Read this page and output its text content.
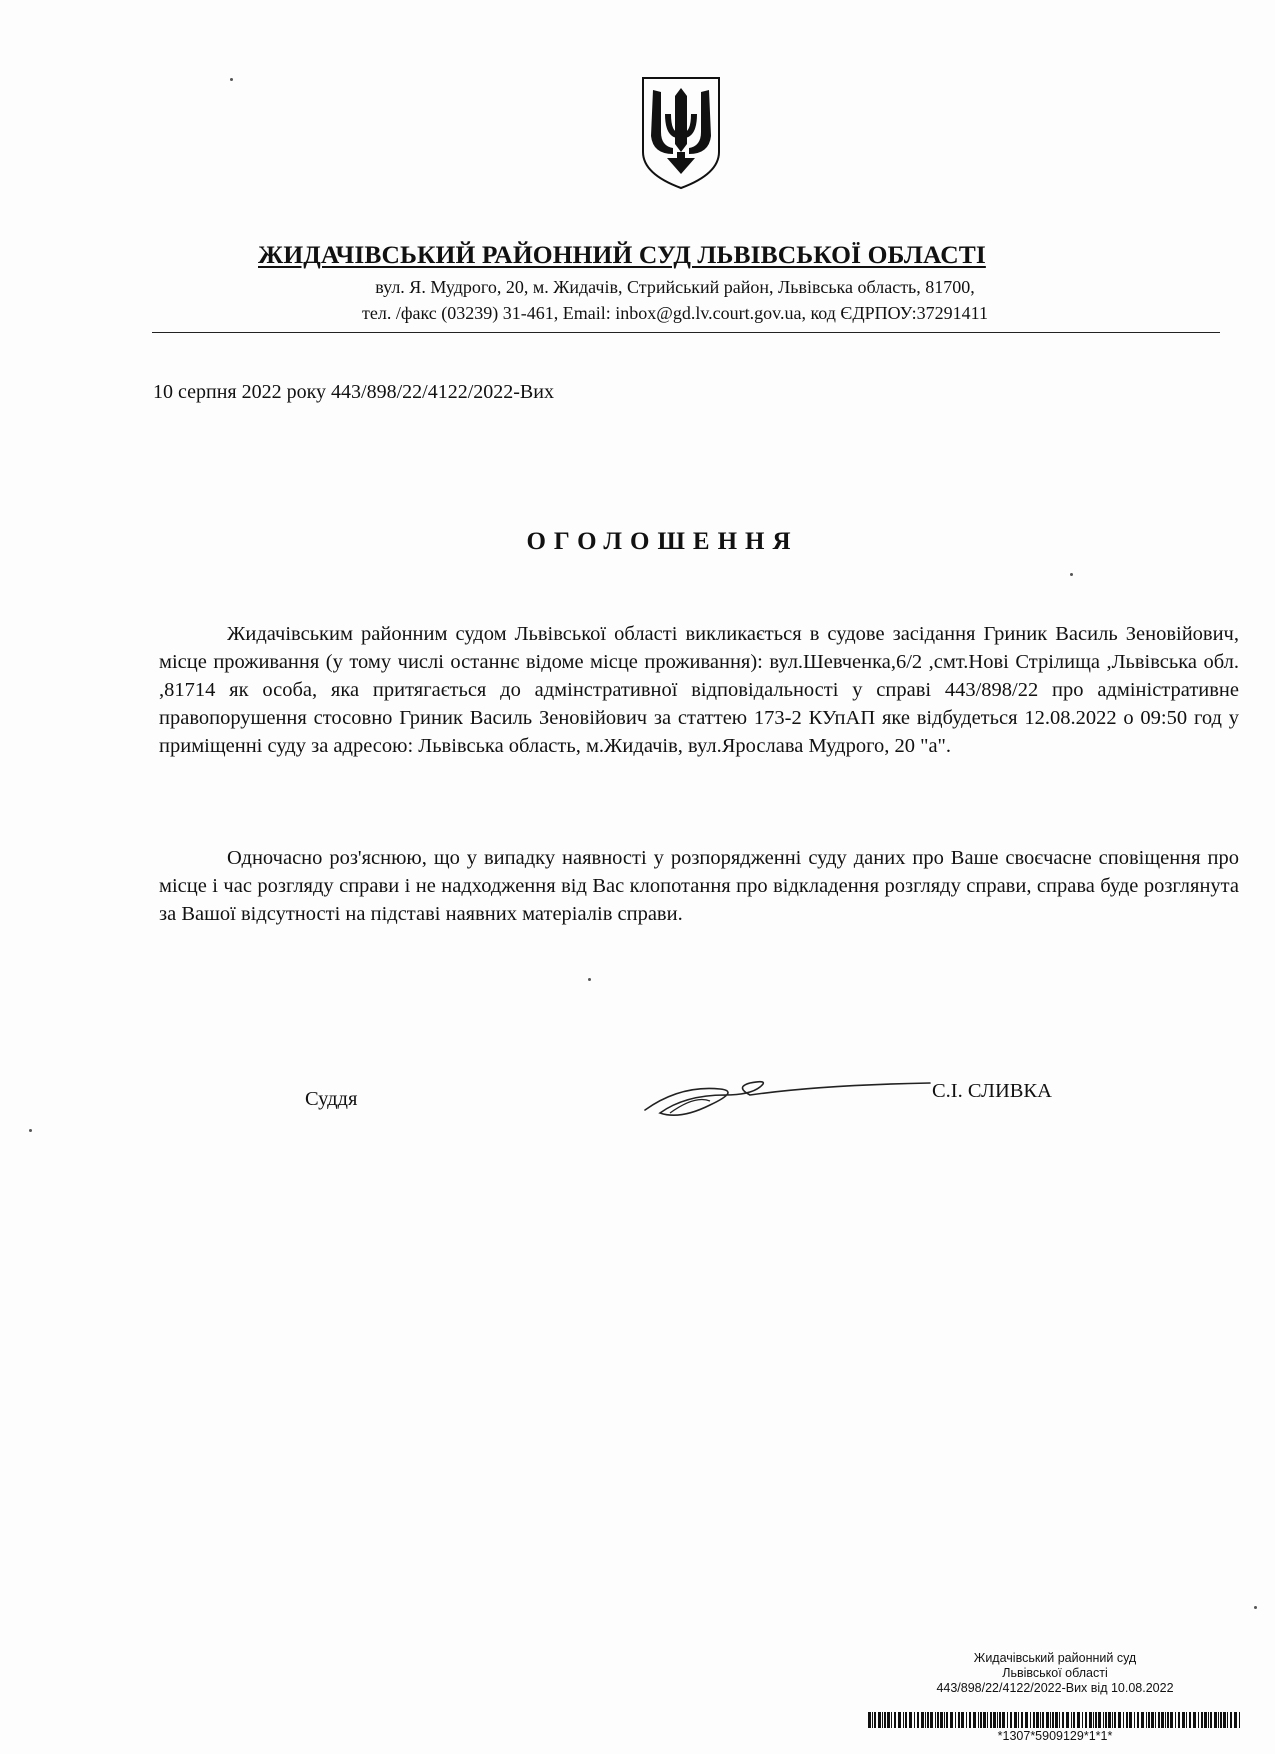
ЖИДАЧІВСЬКИЙ РАЙОННИЙ СУД ЛЬВІВСЬКОЇ ОБЛАСТІ
вул. Я. Мудрого, 20, м. Жидачів, Стрийський район, Львівська область, 81700,
тел. /факс (03239) 31-461, Email: inbox@gd.lv.court.gov.ua, код ЄДРПОУ:37291411
10 серпня 2022 року 443/898/22/4122/2022-Вих
ОГОЛОШЕННЯ
Жидачівським районним судом Львівської області викликається в судове засідання Гриник Василь Зеновійович, місце проживання (у тому числі останнє відоме місце проживання): вул.Шевченка,6/2 ,смт.Нові Стрілища ,Львівська обл. ,81714 як особа, яка притягається до адмінстративної відповідальності у справі 443/898/22 про адміністративне правопорушення стосовно Гриник Василь Зеновійович за статтею 173-2 КУпАП яке відбудеться 12.08.2022 о 09:50 год у приміщенні суду за адресою: Львівська область, м.Жидачів, вул.Ярослава Мудрого, 20 "а".
Одночасно роз'яснюю, що у випадку наявності у розпорядженні суду даних про Ваше своєчасне сповіщення про місце і час розгляду справи і не надходження від Вас клопотання про відкладення розгляду справи, справа буде розглянута за Вашої відсутності на підставі наявних матеріалів справи.
Суддя	С.І. СЛИВКА
Жидачівський районний суд
Львівської області
443/898/22/4122/2022-Вих від 10.08.2022
*1307*5909129*1*1*
